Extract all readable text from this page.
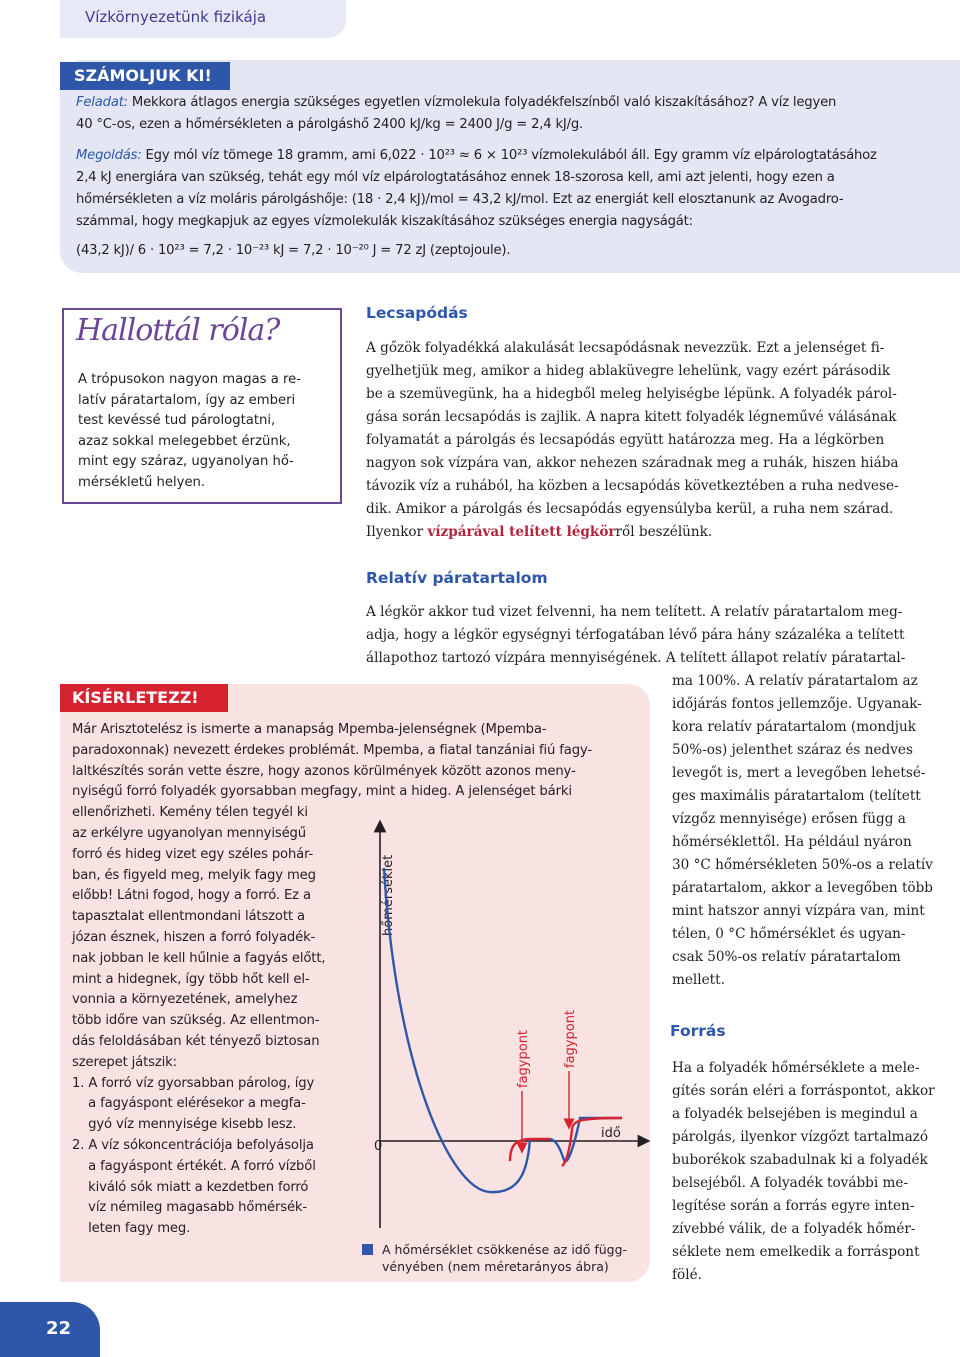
Vízkörnyezetünk fizikája
SZÁMOLJUK KI!
Feladat: Mekkora átlagos energia szükséges egyetlen vízmolekula folyadékfelszínből való kiszakításához? A víz legyen
40 °C-os, ezen a hőmérsékleten a párolgáshő 2400 kJ/kg = 2400 J/g = 2,4 kJ/g.
Megoldás: Egy mól víz tömege 18 gramm, ami 6,022 · 10²³ ≈ 6 × 10²³ vízmolekulából áll. Egy gramm víz elpárologtatásához
2,4 kJ energiára van szükség, tehát egy mól víz elpárologtatásához ennek 18-szorosa kell, ami azt jelenti, hogy ezen a
hőmérsékleten a víz moláris párolgáshője: (18 · 2,4 kJ)/mol = 43,2 kJ/mol. Ezt az energiát kell elosztanunk az Avogadro-
számmal, hogy megkapjuk az egyes vízmolekulák kiszakításához szükséges energia nagyságát:
(43,2 kJ)/ 6 · 10²³ = 7,2 · 10⁻²³ kJ = 7,2 · 10⁻²⁰ J = 72 zJ (zeptojoule).
Hallottál róla?
A trópusokon nagyon magas a re-
latív páratartalom, így az emberi
test kevéssé tud párologtatni,
azaz sokkal melegebbet érzünk,
mint egy száraz, ugyanolyan hő-
mérsékletű helyen.
Lecsapódás
A gőzök folyadékká alakulását lecsapódásnak nevezzük. Ezt a jelenséget fi-
gyelhetjük meg, amikor a hideg ablaküvegre lehelünk, vagy ezért párásodik
be a szemüvegünk, ha a hidegből meleg helyiségbe lépünk. A folyadék párol-
gása során lecsapódás is zajlik. A napra kitett folyadék légneművé válásának
folyamatát a párolgás és lecsapódás együtt határozza meg. Ha a légkörben
nagyon sok vízpára van, akkor nehezen száradnak meg a ruhák, hiszen hiába
távozik víz a ruhából, ha közben a lecsapódás következtében a ruha nedvese-
dik. Amikor a párolgás és lecsapódás egyensúlyba kerül, a ruha nem szárad.
Ilyenkor vízpárával telített légkörről beszélünk.
Relatív páratartalom
A légkör akkor tud vizet felvenni, ha nem telített. A relatív páratartalom meg-
adja, hogy a légkör egységnyi térfogatában lévő pára hány százaléka a telített
állapothoz tartozó vízpára mennyiségének. A telített állapot relatív páratartal-
ma 100%. A relatív páratartalom az
időjárás fontos jellemzője. Ugyanak-
kora relatív páratartalom (mondjuk
50%-os) jelenthet száraz és nedves
levegőt is, mert a levegőben lehetsé-
ges maximális páratartalom (telített
vízgőz mennyisége) erősen függ a
hőmérséklettől. Ha például nyáron
30 °C hőmérsékleten 50%-os a relatív
páratartalom, akkor a levegőben több
mint hatszor annyi vízpára van, mint
télen, 0 °C hőmérséklet és ugyan-
csak 50%-os relatív páratartalom
mellett.
KÍSÉRLETEZZ!
Már Arisztotelész is ismerte a manapság Mpemba-jelenségnek (Mpemba-
paradoxonnak) nevezett érdekes problémát. Mpemba, a fiatal tanzániai fiú fagy-
laltkészítés során vette észre, hogy azonos körülmények között azonos meny-
nyiségű forró folyadék gyorsabban megfagy, mint a hideg. A jelenséget bárki
ellenőrizheti. Kemény télen tegyél ki
az erkélyre ugyanolyan mennyiségű
forró és hideg vizet egy széles pohár-
ban, és figyeld meg, melyik fagy meg
előbb! Látni fogod, hogy a forró. Ez a
tapasztalat ellentmondani látszott a
józan észnek, hiszen a forró folyadék-
nak jobban le kell hűlnie a fagyás előtt,
mint a hidegnek, így több hőt kell el-
vonnia a környezetének, amelyhez
több időre van szükség. Az ellentmon-
dás feloldásában két tényező biztosan
szerepet játszik:
1. A forró víz gyorsabban párolog, így
a fagyáspont elérésekor a megfa-
gyó víz mennyisége kisebb lesz.
2. A víz sókoncentrációja befolyásolja
a fagyáspont értékét. A forró vízből
kiváló sók miatt a kezdetben forró
víz némileg magasabb hőmérsék-
leten fagy meg.
Forrás
Ha a folyadék hőmérséklete a mele-
gítés során eléri a forráspontot, akkor
a folyadék belsejében is megindul a
párolgás, ilyenkor vízgőzt tartalmazó
buborékok szabadulnak ki a folyadék
belsejéből. A folyadék további me-
legítése során a forrás egyre inten-
zívebbé válik, de a folyadék hőmér-
séklete nem emelkedik a forráspont
fölé.
hőmérséklet
0
idő
fagypont fagypont
A hőmérséklet csökkenése az idő függ-
vényében (nem méretarányos ábra)
22
